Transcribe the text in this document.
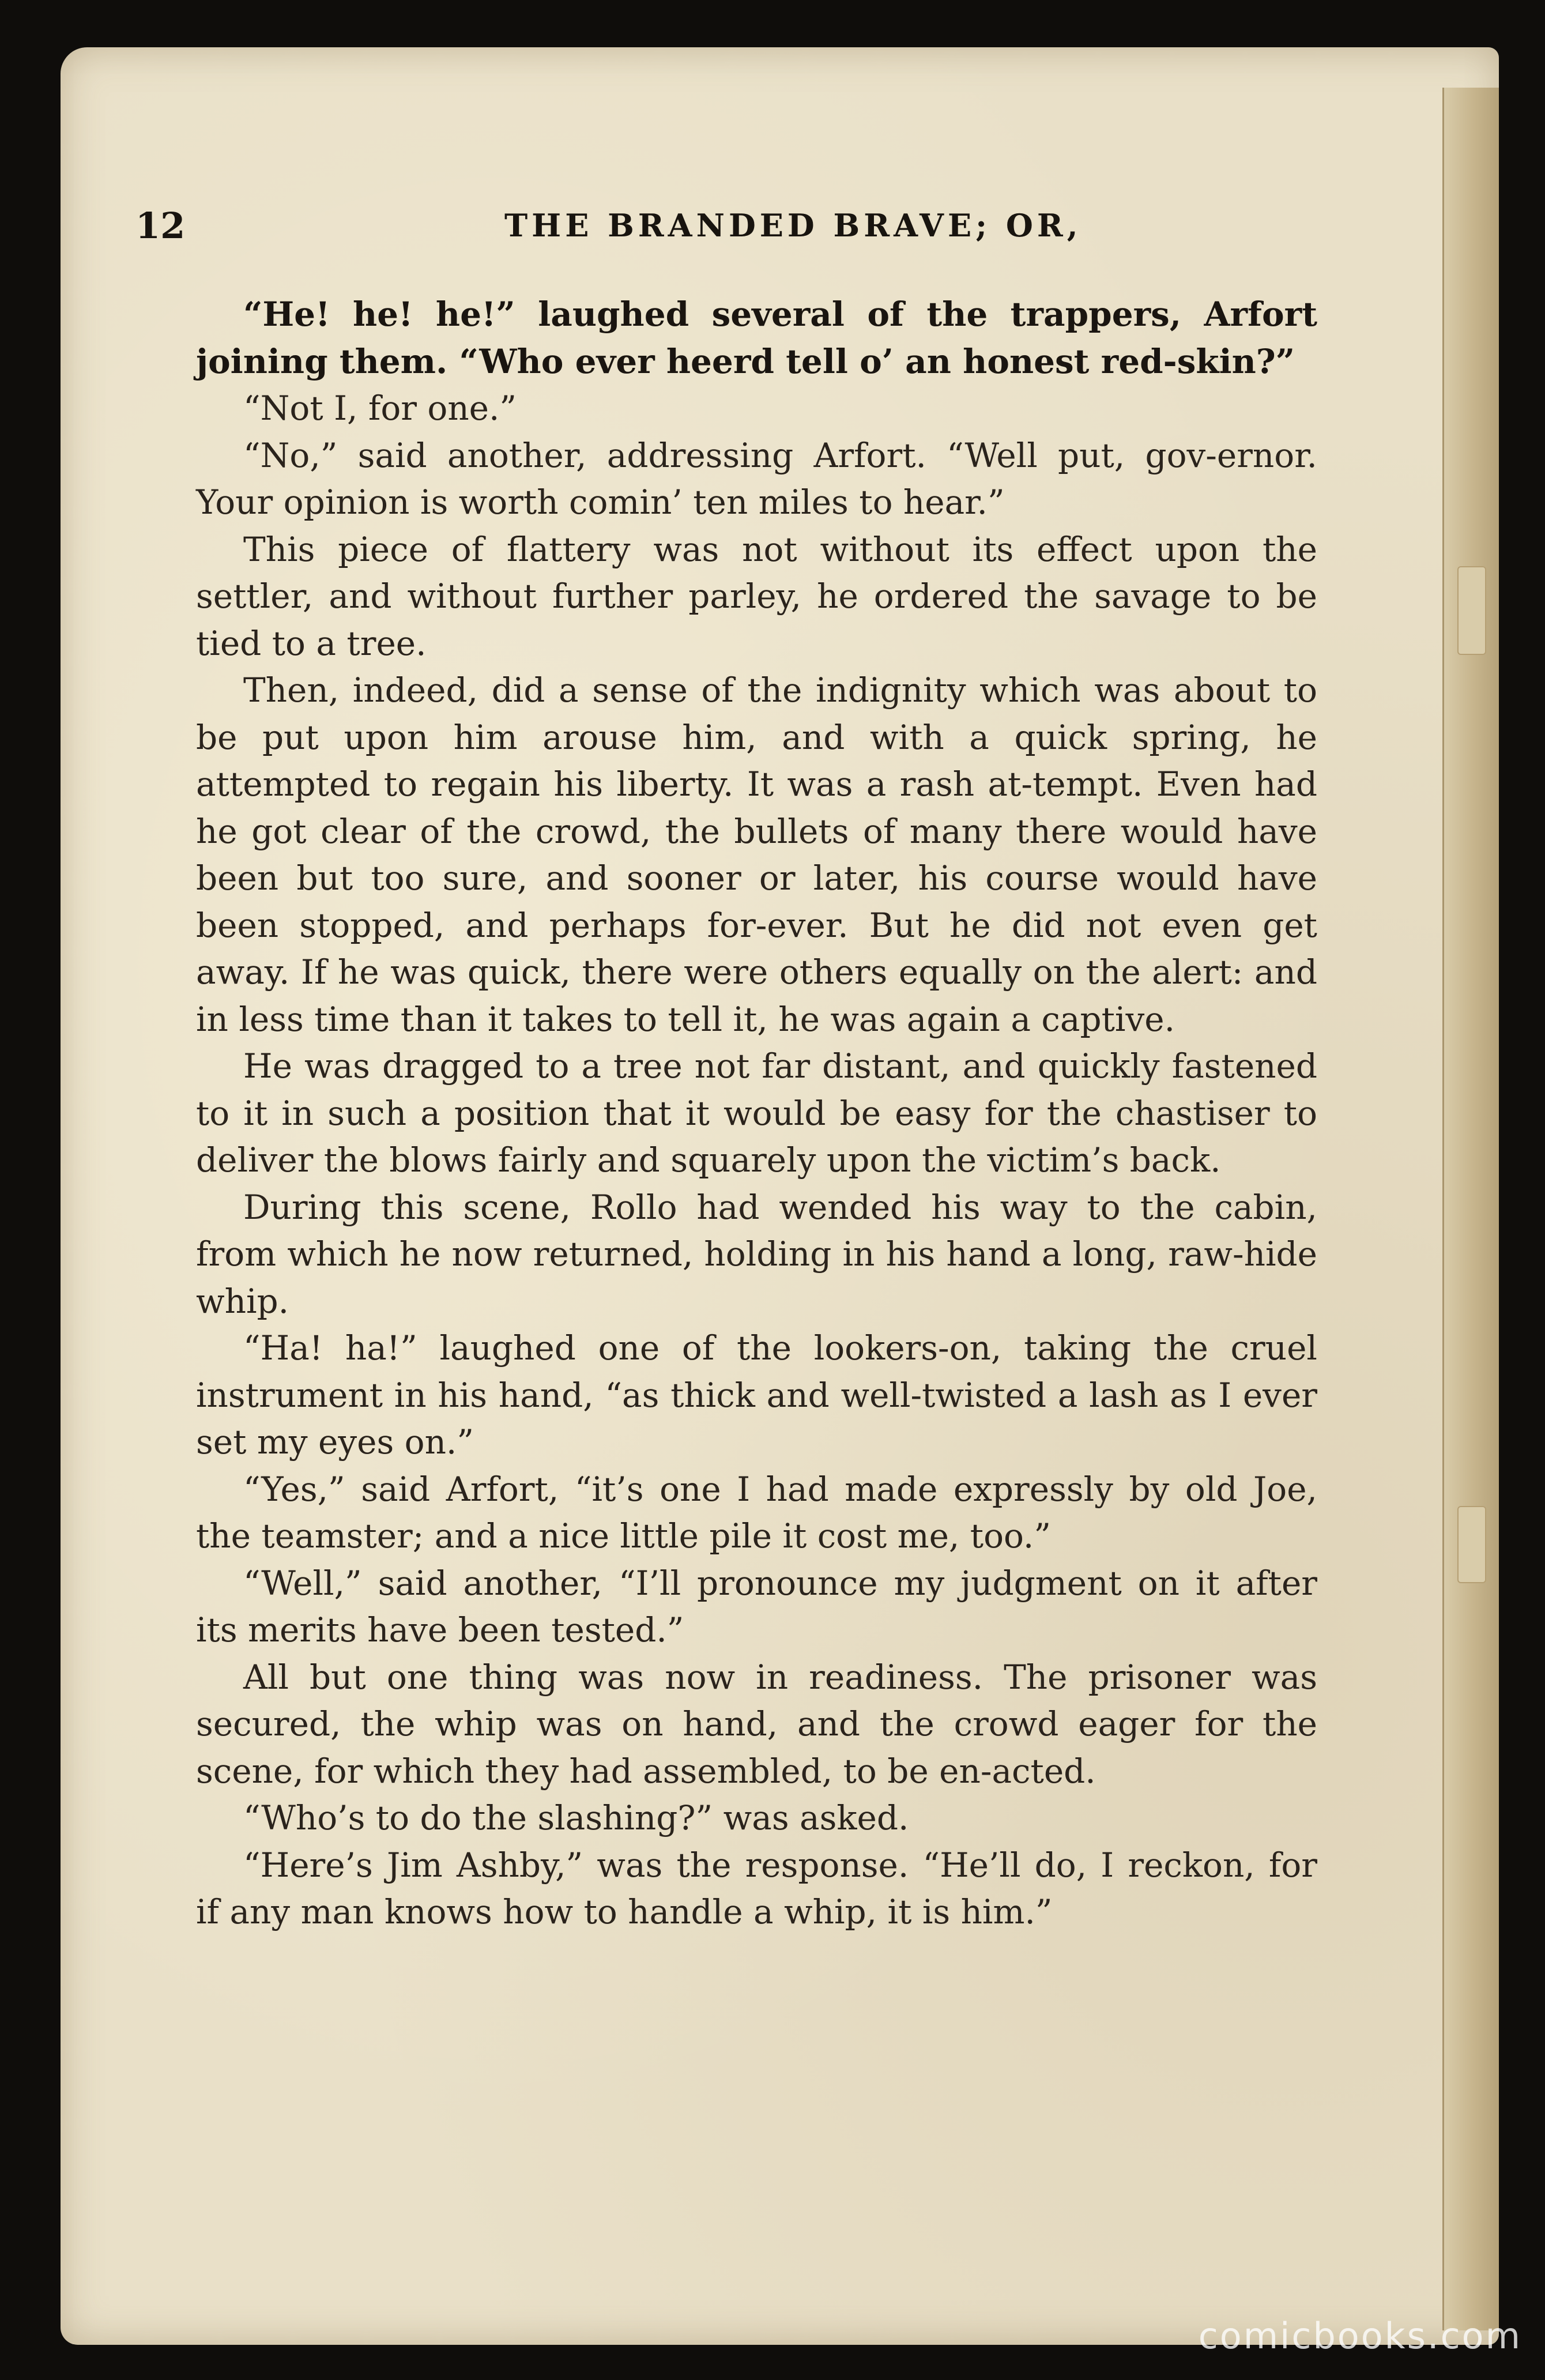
12	THE BRANDED BRAVE; OR,

“He! he! he!” laughed several of the trappers, Arfort joining them. “Who ever heerd tell o’ an honest red-skin?”

“Not I, for one.”

“No,” said another, addressing Arfort. “Well put, gov-ernor. Your opinion is worth comin’ ten miles to hear.”

This piece of flattery was not without its effect upon the settler, and without further parley, he ordered the savage to be tied to a tree.

Then, indeed, did a sense of the indignity which was about to be put upon him arouse him, and with a quick spring, he attempted to regain his liberty. It was a rash at-tempt. Even had he got clear of the crowd, the bullets of many there would have been but too sure, and sooner or later, his course would have been stopped, and perhaps for-ever. But he did not even get away. If he was quick, there were others equally on the alert: and in less time than it takes to tell it, he was again a captive.

He was dragged to a tree not far distant, and quickly fastened to it in such a position that it would be easy for the chastiser to deliver the blows fairly and squarely upon the victim’s back.

During this scene, Rollo had wended his way to the cabin, from which he now returned, holding in his hand a long, raw-hide whip.

“Ha! ha!” laughed one of the lookers-on, taking the cruel instrument in his hand, “as thick and well-twisted a lash as I ever set my eyes on.”

“Yes,” said Arfort, “it’s one I had made expressly by old Joe, the teamster; and a nice little pile it cost me, too.”

“Well,” said another, “I’ll pronounce my judgment on it after its merits have been tested.”

All but one thing was now in readiness. The prisoner was secured, the whip was on hand, and the crowd eager for the scene, for which they had assembled, to be en-acted.

“Who’s to do the slashing?” was asked.

“Here’s Jim Ashby,” was the response. “He’ll do, I reckon, for if any man knows how to handle a whip, it is him.”

comicbooks.com
